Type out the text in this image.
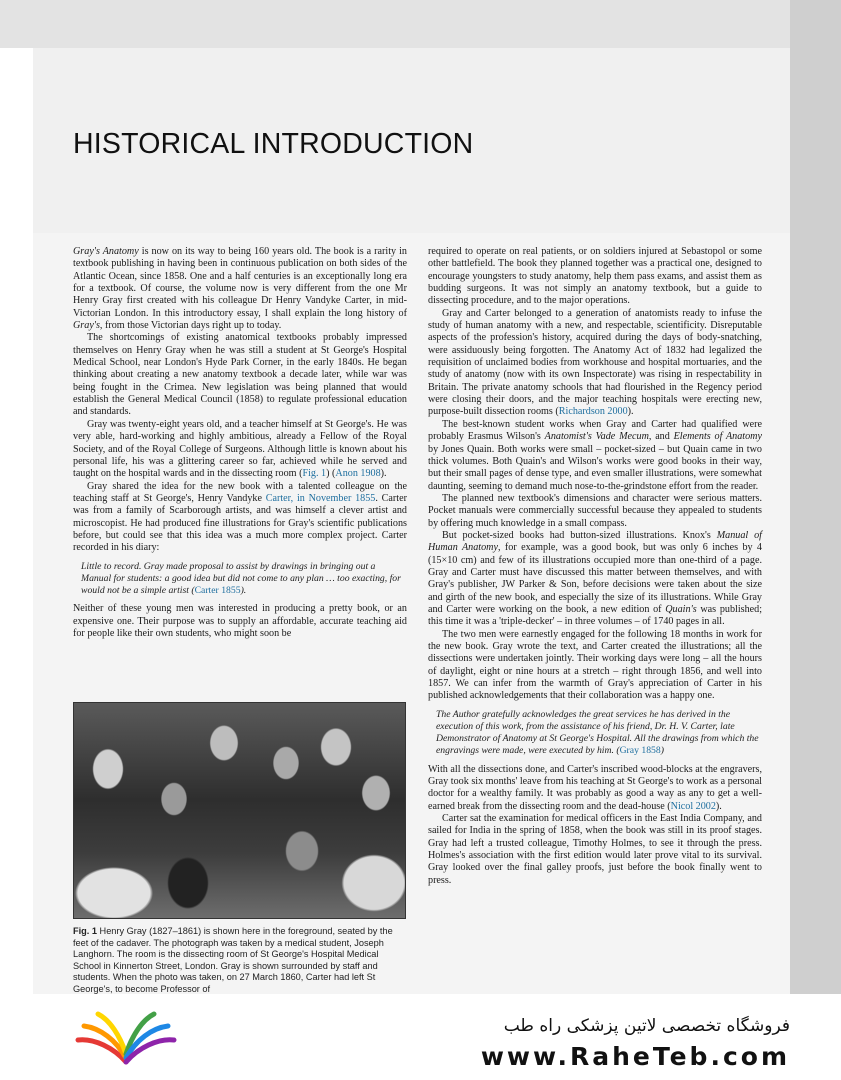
HISTORICAL INTRODUCTION

Gray's Anatomy is now on its way to being 160 years old. The book is a rarity in textbook publishing in having been in continuous publication on both sides of the Atlantic Ocean, since 1858. One and a half centuries is an exceptionally long era for a textbook. Of course, the volume now is very different from the one Mr Henry Gray first created with his colleague Dr Henry Vandyke Carter, in mid-Victorian London. In this introductory essay, I shall explain the long history of Gray's, from those Victorian days right up to today.

The shortcomings of existing anatomical textbooks probably impressed themselves on Henry Gray when he was still a student at St George's Hospital Medical School, near London's Hyde Park Corner, in the early 1840s. He began thinking about creating a new anatomy textbook a decade later, while war was being fought in the Crimea. New legislation was being planned that would establish the General Medical Council (1858) to regulate professional education and standards.

Gray was twenty-eight years old, and a teacher himself at St George's. He was very able, hard-working and highly ambitious, already a Fellow of the Royal Society, and of the Royal College of Surgeons. Although little is known about his personal life, his was a glittering career so far, achieved while he served and taught on the hospital wards and in the dissecting room (Fig. 1) (Anon 1908).

Gray shared the idea for the new book with a talented colleague on the teaching staff at St George's, Henry Vandyke Carter, in November 1855. Carter was from a family of Scarborough artists, and was himself a clever artist and microscopist. He had produced fine illustrations for Gray's scientific publications before, but could see that this idea was a much more complex project. Carter recorded in his diary:

Little to record. Gray made proposal to assist by drawings in bringing out a Manual for students: a good idea but did not come to any plan … too exacting, for would not be a simple artist (Carter 1855).

Neither of these young men was interested in producing a pretty book, or an expensive one. Their purpose was to supply an affordable, accurate teaching aid for people like their own students, who might soon be

Fig. 1 Henry Gray (1827–1861) is shown here in the foreground, seated by the feet of the cadaver. The photograph was taken by a medical student, Joseph Langhorn. The room is the dissecting room of St George's Hospital Medical School in Kinnerton Street, London. Gray is shown surrounded by staff and students. When the photo was taken, on 27 March 1860, Carter had left St George's, to become Professor of

required to operate on real patients, or on soldiers injured at Sebastopol or some other battlefield. The book they planned together was a practical one, designed to encourage youngsters to study anatomy, help them pass exams, and assist them as budding surgeons. It was not simply an anatomy textbook, but a guide to dissecting procedure, and to the major operations.

Gray and Carter belonged to a generation of anatomists ready to infuse the study of human anatomy with a new, and respectable, scientificity. Disreputable aspects of the profession's history, acquired during the days of body-snatching, were assiduously being forgotten. The Anatomy Act of 1832 had legalized the requisition of unclaimed bodies from workhouse and hospital mortuaries, and the study of anatomy (now with its own Inspectorate) was rising in respectability in Britain. The private anatomy schools that had flourished in the Regency period were closing their doors, and the major teaching hospitals were erecting new, purpose-built dissection rooms (Richardson 2000).

The best-known student works when Gray and Carter had qualified were probably Erasmus Wilson's Anatomist's Vade Mecum, and Elements of Anatomy by Jones Quain. Both works were small – pocket-sized – but Quain came in two thick volumes. Both Quain's and Wilson's works were good books in their way, but their small pages of dense type, and even smaller illustrations, were somewhat daunting, seeming to demand much nose-to-the-grindstone effort from the reader.

The planned new textbook's dimensions and character were serious matters. Pocket manuals were commercially successful because they appealed to students by offering much knowledge in a small compass.

But pocket-sized books had button-sized illustrations. Knox's Manual of Human Anatomy, for example, was a good book, but was only 6 inches by 4 (15×10 cm) and few of its illustrations occupied more than one-third of a page. Gray and Carter must have discussed this matter between themselves, and with Gray's publisher, JW Parker & Son, before decisions were taken about the size and girth of the new book, and especially the size of its illustrations. While Gray and Carter were working on the book, a new edition of Quain's was published; this time it was a 'triple-decker' – in three volumes – of 1740 pages in all.

The two men were earnestly engaged for the following 18 months in work for the new book. Gray wrote the text, and Carter created the illustrations; all the dissections were undertaken jointly. Their working days were long – all the hours of daylight, eight or nine hours at a stretch – right through 1856, and well into 1857. We can infer from the warmth of Gray's appreciation of Carter in his published acknowledgements that their collaboration was a happy one.

The Author gratefully acknowledges the great services he has derived in the execution of this work, from the assistance of his friend, Dr. H. V. Carter, late Demonstrator of Anatomy at St George's Hospital. All the drawings from which the engravings were made, were executed by him. (Gray 1858)

With all the dissections done, and Carter's inscribed wood-blocks at the engravers, Gray took six months' leave from his teaching at St George's to work as a personal doctor for a wealthy family. It was probably as good a way as any to get a well-earned break from the dissecting room and the dead-house (Nicol 2002).

Carter sat the examination for medical officers in the East India Company, and sailed for India in the spring of 1858, when the book was still in its proof stages. Gray had left a trusted colleague, Timothy Holmes, to see it through the press. Holmes's association with the first edition would later prove vital to its survival. Gray looked over the final galley proofs, just before the book finally went to press.

فروشگاه تخصصی لاتین پزشکی راه طب
www.RaheTeb.com
